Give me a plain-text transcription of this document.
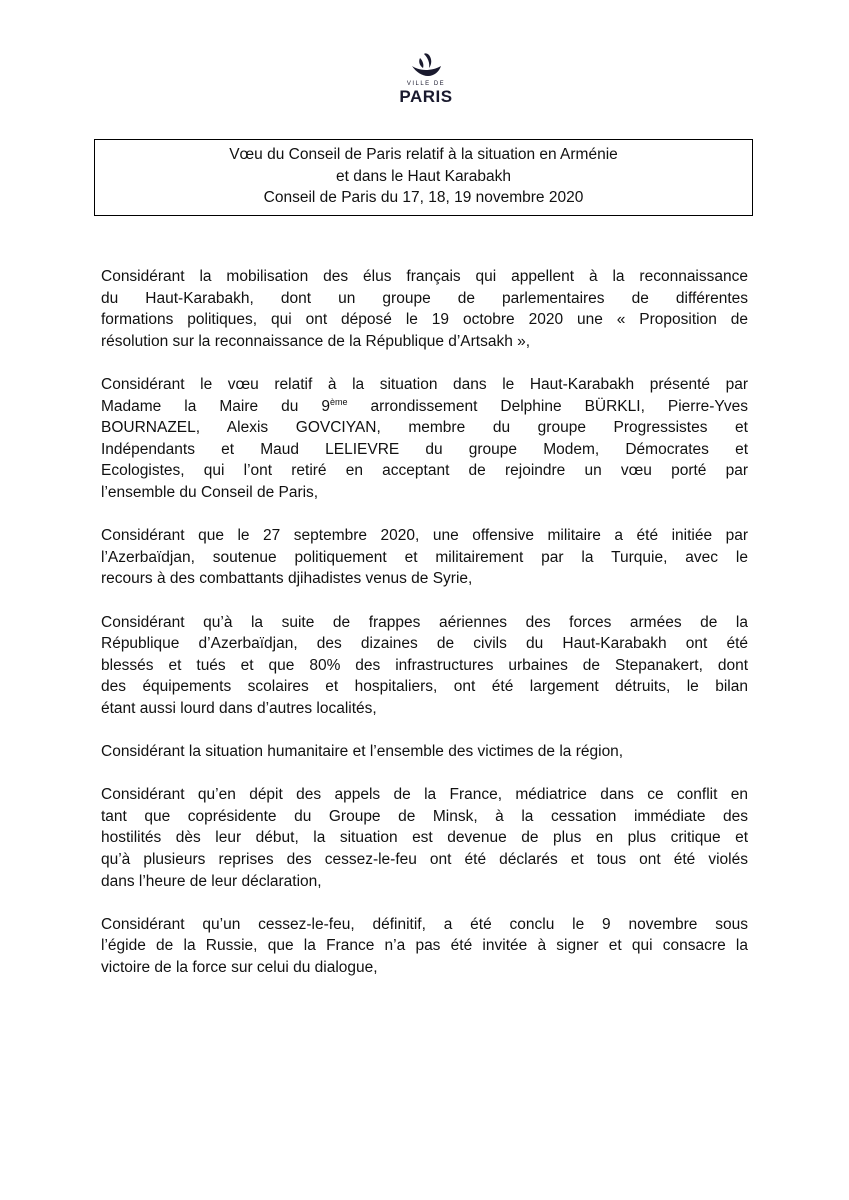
VILLE DE
PARIS
Vœu du Conseil de Paris relatif à la situation en Arménie
et dans le Haut Karabakh
Conseil de Paris du 17, 18, 19 novembre 2020
Considérant la mobilisation des élus français qui appellent à la reconnaissance
du Haut-Karabakh, dont un groupe de parlementaires de différentes
formations politiques, qui ont déposé le 19 octobre 2020 une « Proposition de
résolution sur la reconnaissance de la République d’Artsakh »,
Considérant le vœu relatif à la situation dans le Haut-Karabakh présenté par
Madame la Maire du 9ème arrondissement Delphine BÜRKLI, Pierre-Yves
BOURNAZEL, Alexis GOVCIYAN, membre du groupe Progressistes et
Indépendants et Maud LELIEVRE du groupe Modem, Démocrates et
Ecologistes, qui l’ont retiré en acceptant de rejoindre un vœu porté par
l’ensemble du Conseil de Paris,
Considérant que le 27 septembre 2020, une offensive militaire a été initiée par
l’Azerbaïdjan, soutenue politiquement et militairement par la Turquie, avec le
recours à des combattants djihadistes venus de Syrie,
Considérant qu’à la suite de frappes aériennes des forces armées de la
République d’Azerbaïdjan, des dizaines de civils du Haut-Karabakh ont été
blessés et tués et que 80% des infrastructures urbaines de Stepanakert, dont
des équipements scolaires et hospitaliers, ont été largement détruits, le bilan
étant aussi lourd dans d’autres localités,
Considérant la situation humanitaire et l’ensemble des victimes de la région,
Considérant qu’en dépit des appels de la France, médiatrice dans ce conflit en
tant que coprésidente du Groupe de Minsk, à la cessation immédiate des
hostilités dès leur début, la situation est devenue de plus en plus critique et
qu’à plusieurs reprises des cessez-le-feu ont été déclarés et tous ont été violés
dans l’heure de leur déclaration,
Considérant qu’un cessez-le-feu, définitif, a été conclu le 9 novembre sous
l’égide de la Russie, que la France n’a pas été invitée à signer et qui consacre la
victoire de la force sur celui du dialogue,
